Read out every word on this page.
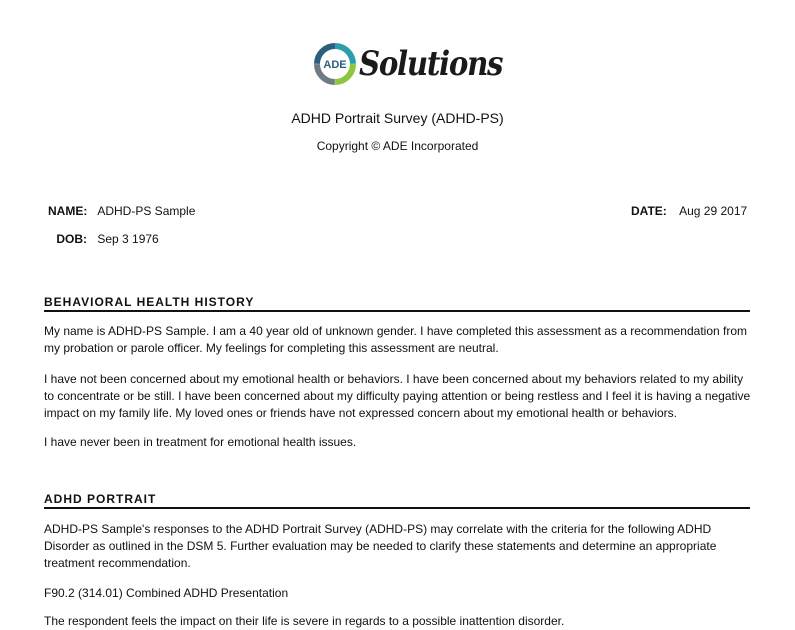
ADE Solutions
ADHD Portrait Survey (ADHD-PS)
Copyright © ADE Incorporated
NAME: ADHD-PS Sample
DOB: Sep 3 1976
DATE: Aug 29 2017
BEHAVIORAL HEALTH HISTORY
My name is ADHD-PS Sample. I am a 40 year old of unknown gender. I have completed this assessment as a recommendation from my probation or parole officer. My feelings for completing this assessment are neutral.
I have not been concerned about my emotional health or behaviors. I have been concerned about my behaviors related to my ability to concentrate or be still. I have been concerned about my difficulty paying attention or being restless and I feel it is having a negative impact on my family life. My loved ones or friends have not expressed concern about my emotional health or behaviors.
I have never been in treatment for emotional health issues.
ADHD PORTRAIT
ADHD-PS Sample's responses to the ADHD Portrait Survey (ADHD-PS) may correlate with the criteria for the following ADHD Disorder as outlined in the DSM 5. Further evaluation may be needed to clarify these statements and determine an appropriate treatment recommendation.
F90.2 (314.01) Combined ADHD Presentation
The respondent feels the impact on their life is severe in regards to a possible inattention disorder.
